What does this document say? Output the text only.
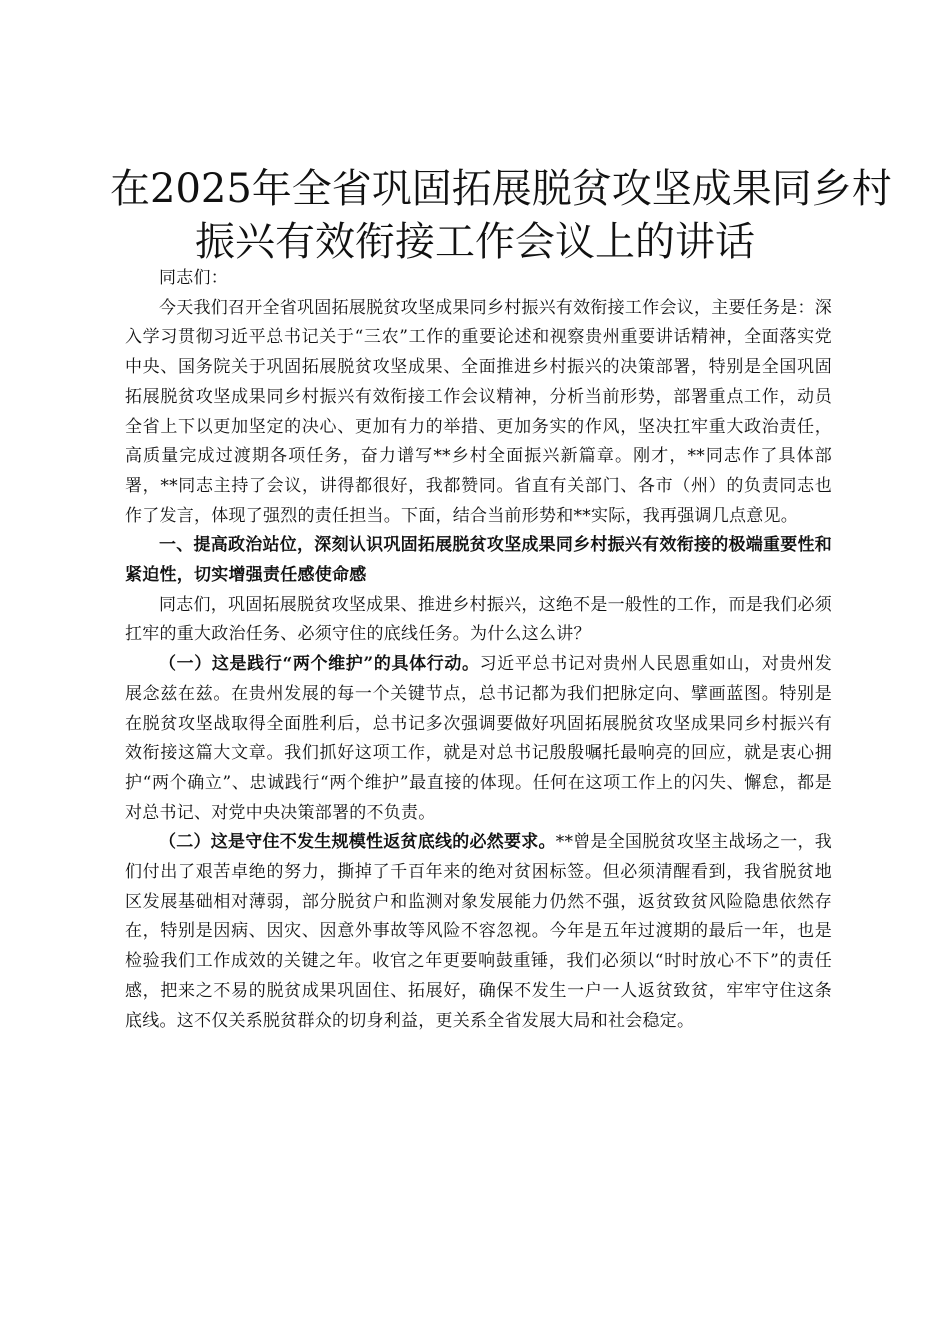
在2025年全省巩固拓展脱贫攻坚成果同乡村
振兴有效衔接工作会议上的讲话

同志们：

今天我们召开全省巩固拓展脱贫攻坚成果同乡村振兴有效衔接工作会议，主要任务是：深入学习贯彻习近平总书记关于“三农”工作的重要论述和视察贵州重要讲话精神，全面落实党中央、国务院关于巩固拓展脱贫攻坚成果、全面推进乡村振兴的决策部署，特别是全国巩固拓展脱贫攻坚成果同乡村振兴有效衔接工作会议精神，分析当前形势，部署重点工作，动员全省上下以更加坚定的决心、更加有力的举措、更加务实的作风，坚决扛牢重大政治责任，高质量完成过渡期各项任务，奋力谱写**乡村全面振兴新篇章。刚才，**同志作了具体部署，**同志主持了会议，讲得都很好，我都赞同。省直有关部门、各市（州）的负责同志也作了发言，体现了强烈的责任担当。下面，结合当前形势和**实际，我再强调几点意见。

一、提高政治站位，深刻认识巩固拓展脱贫攻坚成果同乡村振兴有效衔接的极端重要性和紧迫性，切实增强责任感使命感

同志们，巩固拓展脱贫攻坚成果、推进乡村振兴，这绝不是一般性的工作，而是我们必须扛牢的重大政治任务、必须守住的底线任务。为什么这么讲？

（一）这是践行“两个维护”的具体行动。习近平总书记对贵州人民恩重如山，对贵州发展念兹在兹。在贵州发展的每一个关键节点，总书记都为我们把脉定向、擘画蓝图。特别是在脱贫攻坚战取得全面胜利后，总书记多次强调要做好巩固拓展脱贫攻坚成果同乡村振兴有效衔接这篇大文章。我们抓好这项工作，就是对总书记殷殷嘱托最响亮的回应，就是衷心拥护“两个确立”、忠诚践行“两个维护”最直接的体现。任何在这项工作上的闪失、懈怠，都是对总书记、对党中央决策部署的不负责。

（二）这是守住不发生规模性返贫底线的必然要求。**曾是全国脱贫攻坚主战场之一，我们付出了艰苦卓绝的努力，撕掉了千百年来的绝对贫困标签。但必须清醒看到，我省脱贫地区发展基础相对薄弱，部分脱贫户和监测对象发展能力仍然不强，返贫致贫风险隐患依然存在，特别是因病、因灾、因意外事故等风险不容忽视。今年是五年过渡期的最后一年，也是检验我们工作成效的关键之年。收官之年更要响鼓重锤，我们必须以“时时放心不下”的责任感，把来之不易的脱贫成果巩固住、拓展好，确保不发生一户一人返贫致贫，牢牢守住这条底线。这不仅关系脱贫群众的切身利益，更关系全省发展大局和社会稳定。
